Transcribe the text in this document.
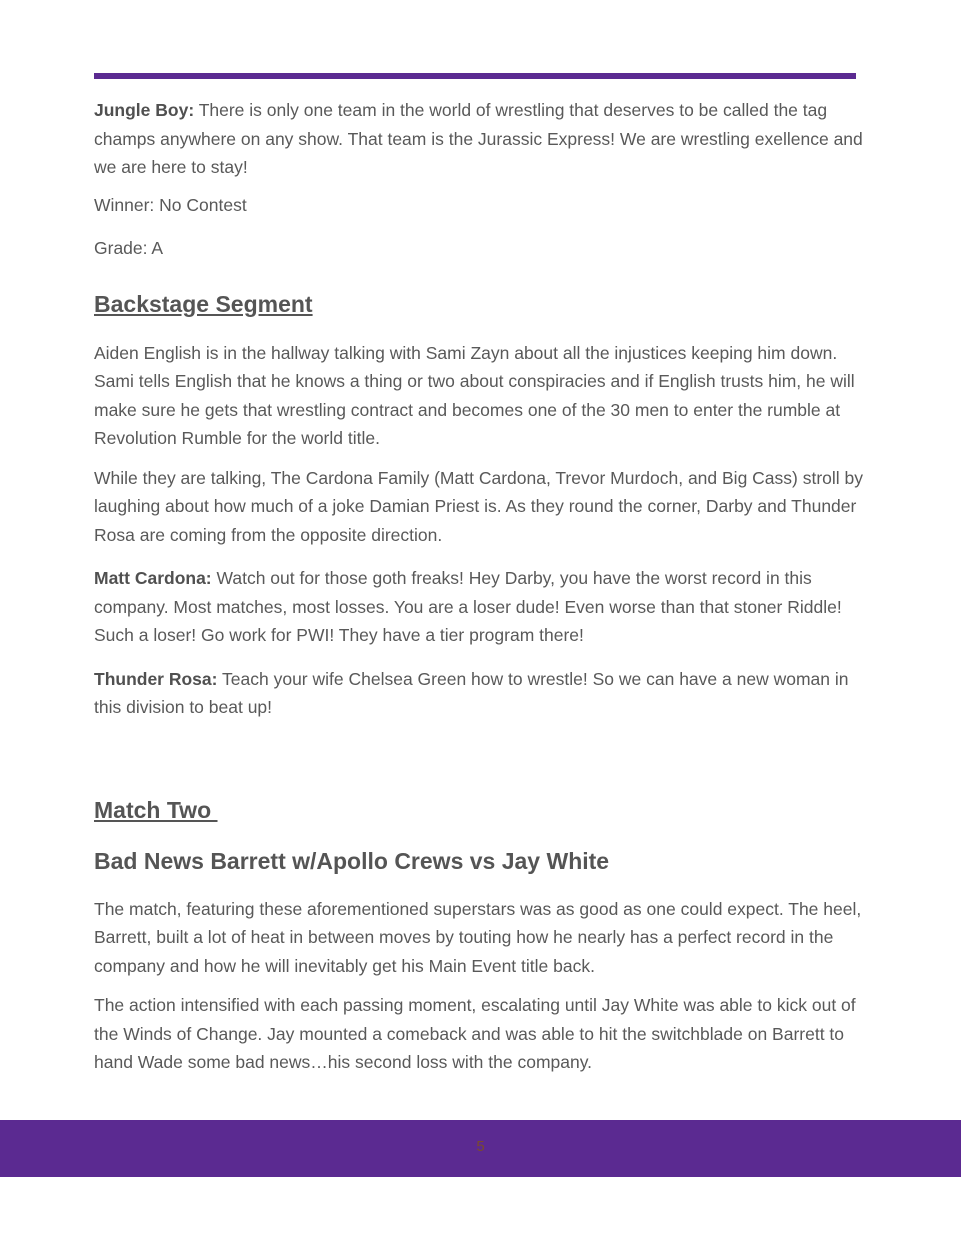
Jungle Boy: There is only one team in the world of wrestling that deserves to be called the tag champs anywhere on any show. That team is the Jurassic Express! We are wrestling exellence and we are here to stay!

Winner: No Contest

Grade: A

Backstage Segment

Aiden English is in the hallway talking with Sami Zayn about all the injustices keeping him down. Sami tells English that he knows a thing or two about conspiracies and if English trusts him, he will make sure he gets that wrestling contract and becomes one of the 30 men to enter the rumble at Revolution Rumble for the world title.

While they are talking, The Cardona Family (Matt Cardona, Trevor Murdoch, and Big Cass) stroll by laughing about how much of a joke Damian Priest is. As they round the corner, Darby and Thunder Rosa are coming from the opposite direction.

Matt Cardona: Watch out for those goth freaks! Hey Darby, you have the worst record in this company. Most matches, most losses. You are a loser dude! Even worse than that stoner Riddle! Such a loser! Go work for PWI! They have a tier program there!

Thunder Rosa: Teach your wife Chelsea Green how to wrestle! So we can have a new woman in this division to beat up!

Match Two
Bad News Barrett w/Apollo Crews vs Jay White

The match, featuring these aforementioned superstars was as good as one could expect. The heel, Barrett, built a lot of heat in between moves by touting how he nearly has a perfect record in the company and how he will inevitably get his Main Event title back.

The action intensified with each passing moment, escalating until Jay White was able to kick out of the Winds of Change. Jay mounted a comeback and was able to hit the switchblade on Barrett to hand Wade some bad news…his second loss with the company.

5
